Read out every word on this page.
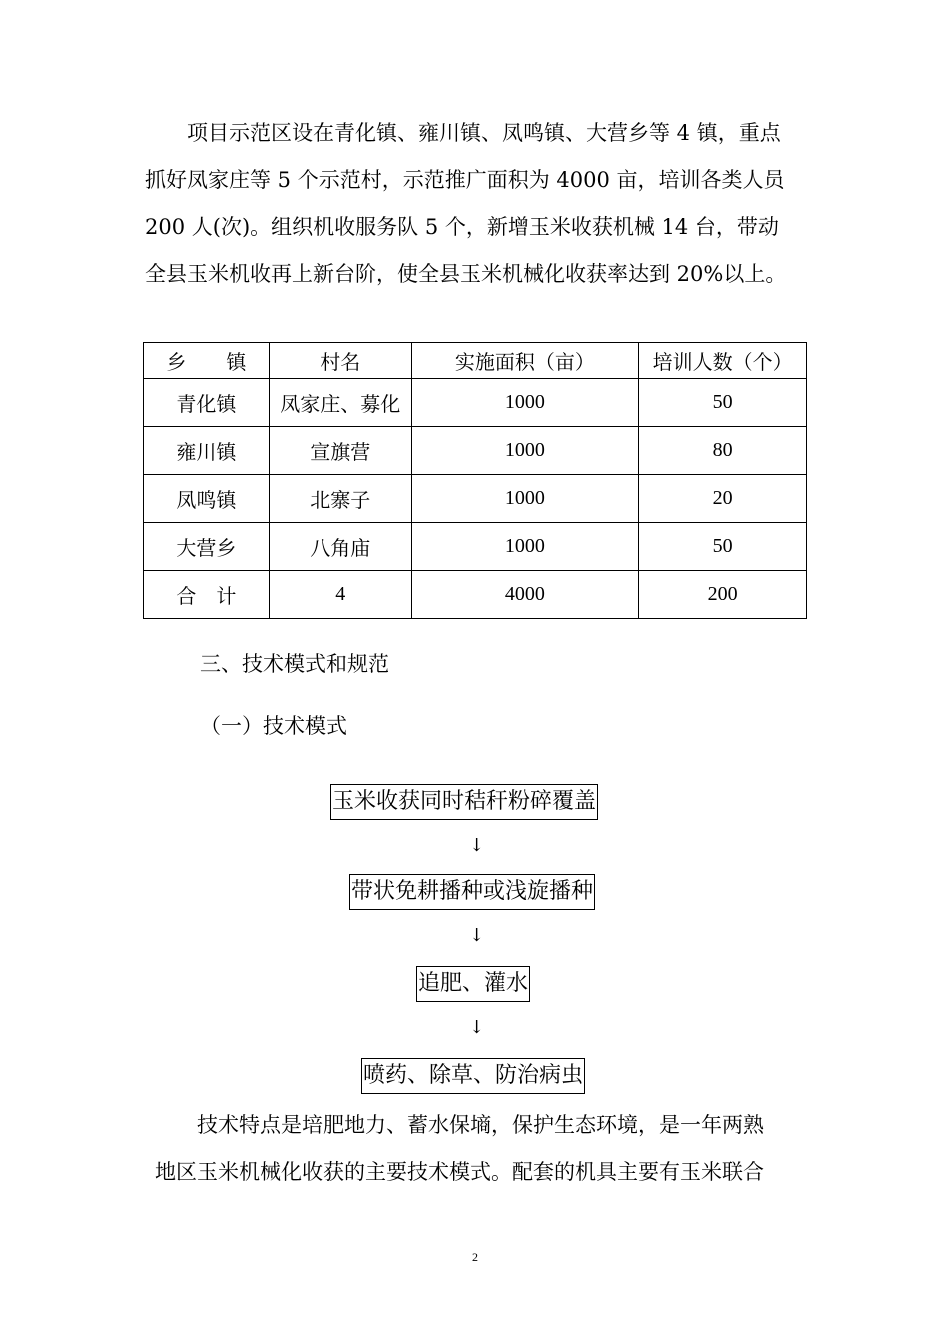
项目示范区设在青化镇、雍川镇、凤鸣镇、大营乡等 4 镇，重点
抓好凤家庄等 5 个示范村，示范推广面积为 4000 亩，培训各类人员
200 人(次)。组织机收服务队 5 个，新增玉米收获机械 14 台，带动
全县玉米机收再上新台阶，使全县玉米机械化收获率达到 20%以上。
乡　　镇	村名	实施面积（亩）	培训人数（个）
青化镇	凤家庄、募化	1000	50
雍川镇	宣旗营	1000	80
凤鸣镇	北寨子	1000	20
大营乡	八角庙	1000	50
合　计	4	4000	200

三、技术模式和规范

（一）技术模式

玉米收获同时秸秆粉碎覆盖
↓
带状免耕播种或浅旋播种
↓
追肥、灌水
↓
喷药、除草、防治病虫
技术特点是培肥地力、蓄水保墒，保护生态环境，是一年两熟
地区玉米机械化收获的主要技术模式。配套的机具主要有玉米联合
2
